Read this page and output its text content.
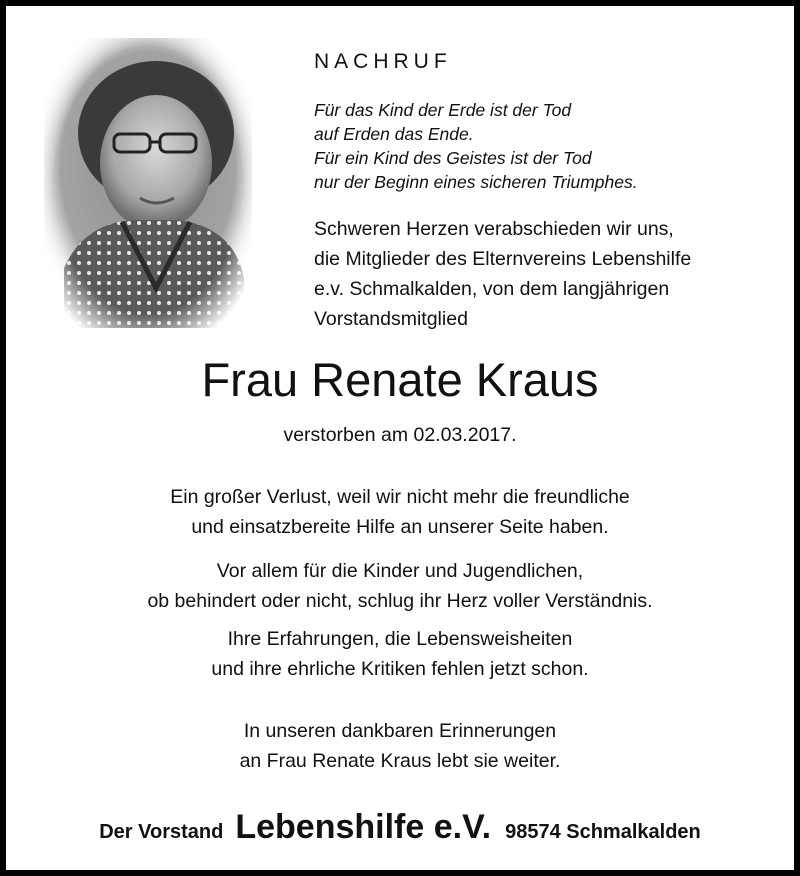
NACHRUF
Für das Kind der Erde ist der Tod
auf Erden das Ende.
Für ein Kind des Geistes ist der Tod
nur der Beginn eines sicheren Triumphes.
Schweren Herzen verabschieden wir uns,
die Mitglieder des Elternvereins Lebenshilfe
e.v. Schmalkalden, von dem langjährigen
Vorstandsmitglied
Frau Renate Kraus
verstorben am 02.03.2017.
Ein großer Verlust, weil wir nicht mehr die freundliche
und einsatzbereite Hilfe an unserer Seite haben.
Vor allem für die Kinder und Jugendlichen,
ob behindert oder nicht, schlug ihr Herz voller Verständnis.
Ihre Erfahrungen, die Lebensweisheiten
und ihre ehrliche Kritiken fehlen jetzt schon.
In unseren dankbaren Erinnerungen
an Frau Renate Kraus lebt sie weiter.
Der Vorstand Lebenshilfe e.V. 98574 Schmalkalden
